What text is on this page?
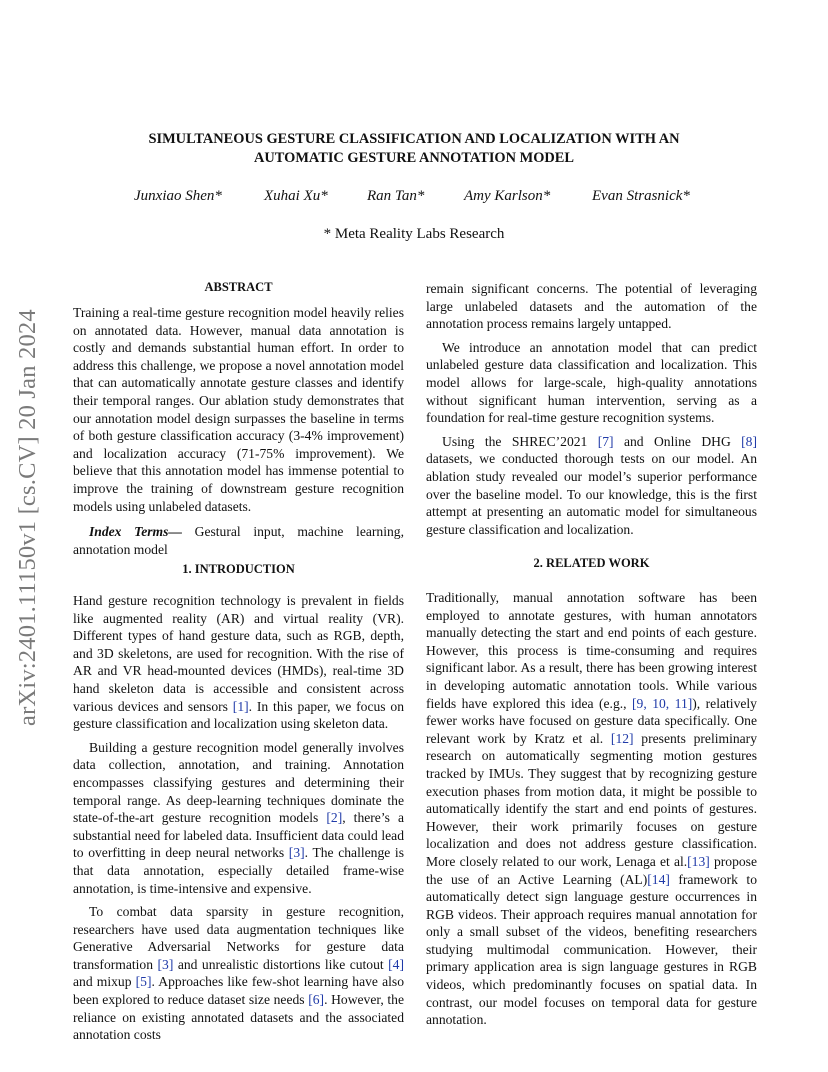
arXiv:2401.11150v1 [cs.CV] 20 Jan 2024
SIMULTANEOUS GESTURE CLASSIFICATION AND LOCALIZATION WITH AN
AUTOMATIC GESTURE ANNOTATION MODEL
Junxiao Shen*	Xuhai Xu*	Ran Tan*	Amy Karlson*	Evan Strasnick*
* Meta Reality Labs Research
ABSTRACT

Training a real-time gesture recognition model heavily relies on annotated data. However, manual data annotation is costly and demands substantial human effort. In order to address this challenge, we propose a novel annotation model that can automatically annotate gesture classes and identify their temporal ranges. Our ablation study demonstrates that our annotation model design surpasses the baseline in terms of both gesture classification accuracy (3-4% improvement) and localization accuracy (71-75% improvement). We believe that this annotation model has immense potential to improve the training of downstream gesture recognition models using unlabeled datasets.

Index Terms— Gestural input, machine learning, annotation model

1. INTRODUCTION

Hand gesture recognition technology is prevalent in fields like augmented reality (AR) and virtual reality (VR). Different types of hand gesture data, such as RGB, depth, and 3D skeletons, are used for recognition. With the rise of AR and VR head-mounted devices (HMDs), real-time 3D hand skeleton data is accessible and consistent across various devices and sensors [1]. In this paper, we focus on gesture classification and localization using skeleton data.

Building a gesture recognition model generally involves data collection, annotation, and training. Annotation encompasses classifying gestures and determining their temporal range. As deep-learning techniques dominate the state-of-the-art gesture recognition models [2], there’s a substantial need for labeled data. Insufficient data could lead to overfitting in deep neural networks [3]. The challenge is that data annotation, especially detailed frame-wise annotation, is time-intensive and expensive.

To combat data sparsity in gesture recognition, researchers have used data augmentation techniques like Generative Adversarial Networks for gesture data transformation [3] and unrealistic distortions like cutout [4] and mixup [5]. Approaches like few-shot learning have also been explored to reduce dataset size needs [6]. However, the reliance on existing annotated datasets and the associated annotation costs

remain significant concerns. The potential of leveraging large unlabeled datasets and the automation of the annotation process remains largely untapped.

We introduce an annotation model that can predict unlabeled gesture data classification and localization. This model allows for large-scale, high-quality annotations without significant human intervention, serving as a foundation for real-time gesture recognition systems.

Using the SHREC’2021 [7] and Online DHG [8] datasets, we conducted thorough tests on our model. An ablation study revealed our model’s superior performance over the baseline model. To our knowledge, this is the first attempt at presenting an automatic model for simultaneous gesture classification and localization.

2. RELATED WORK

Traditionally, manual annotation software has been employed to annotate gestures, with human annotators manually detecting the start and end points of each gesture. However, this process is time-consuming and requires significant labor. As a result, there has been growing interest in developing automatic annotation tools. While various fields have explored this idea (e.g., [9, 10, 11]), relatively fewer works have focused on gesture data specifically. One relevant work by Kratz et al. [12] presents preliminary research on automatically segmenting motion gestures tracked by IMUs. They suggest that by recognizing gesture execution phases from motion data, it might be possible to automatically identify the start and end points of gestures. However, their work primarily focuses on gesture localization and does not address gesture classification. More closely related to our work, Lenaga et al.[13] propose the use of an Active Learning (AL)[14] framework to automatically detect sign language gesture occurrences in RGB videos. Their approach requires manual annotation for only a small subset of the videos, benefiting researchers studying multimodal communication. However, their primary application area is sign language gestures in RGB videos, which predominantly focuses on spatial data. In contrast, our model focuses on temporal data for gesture annotation.
